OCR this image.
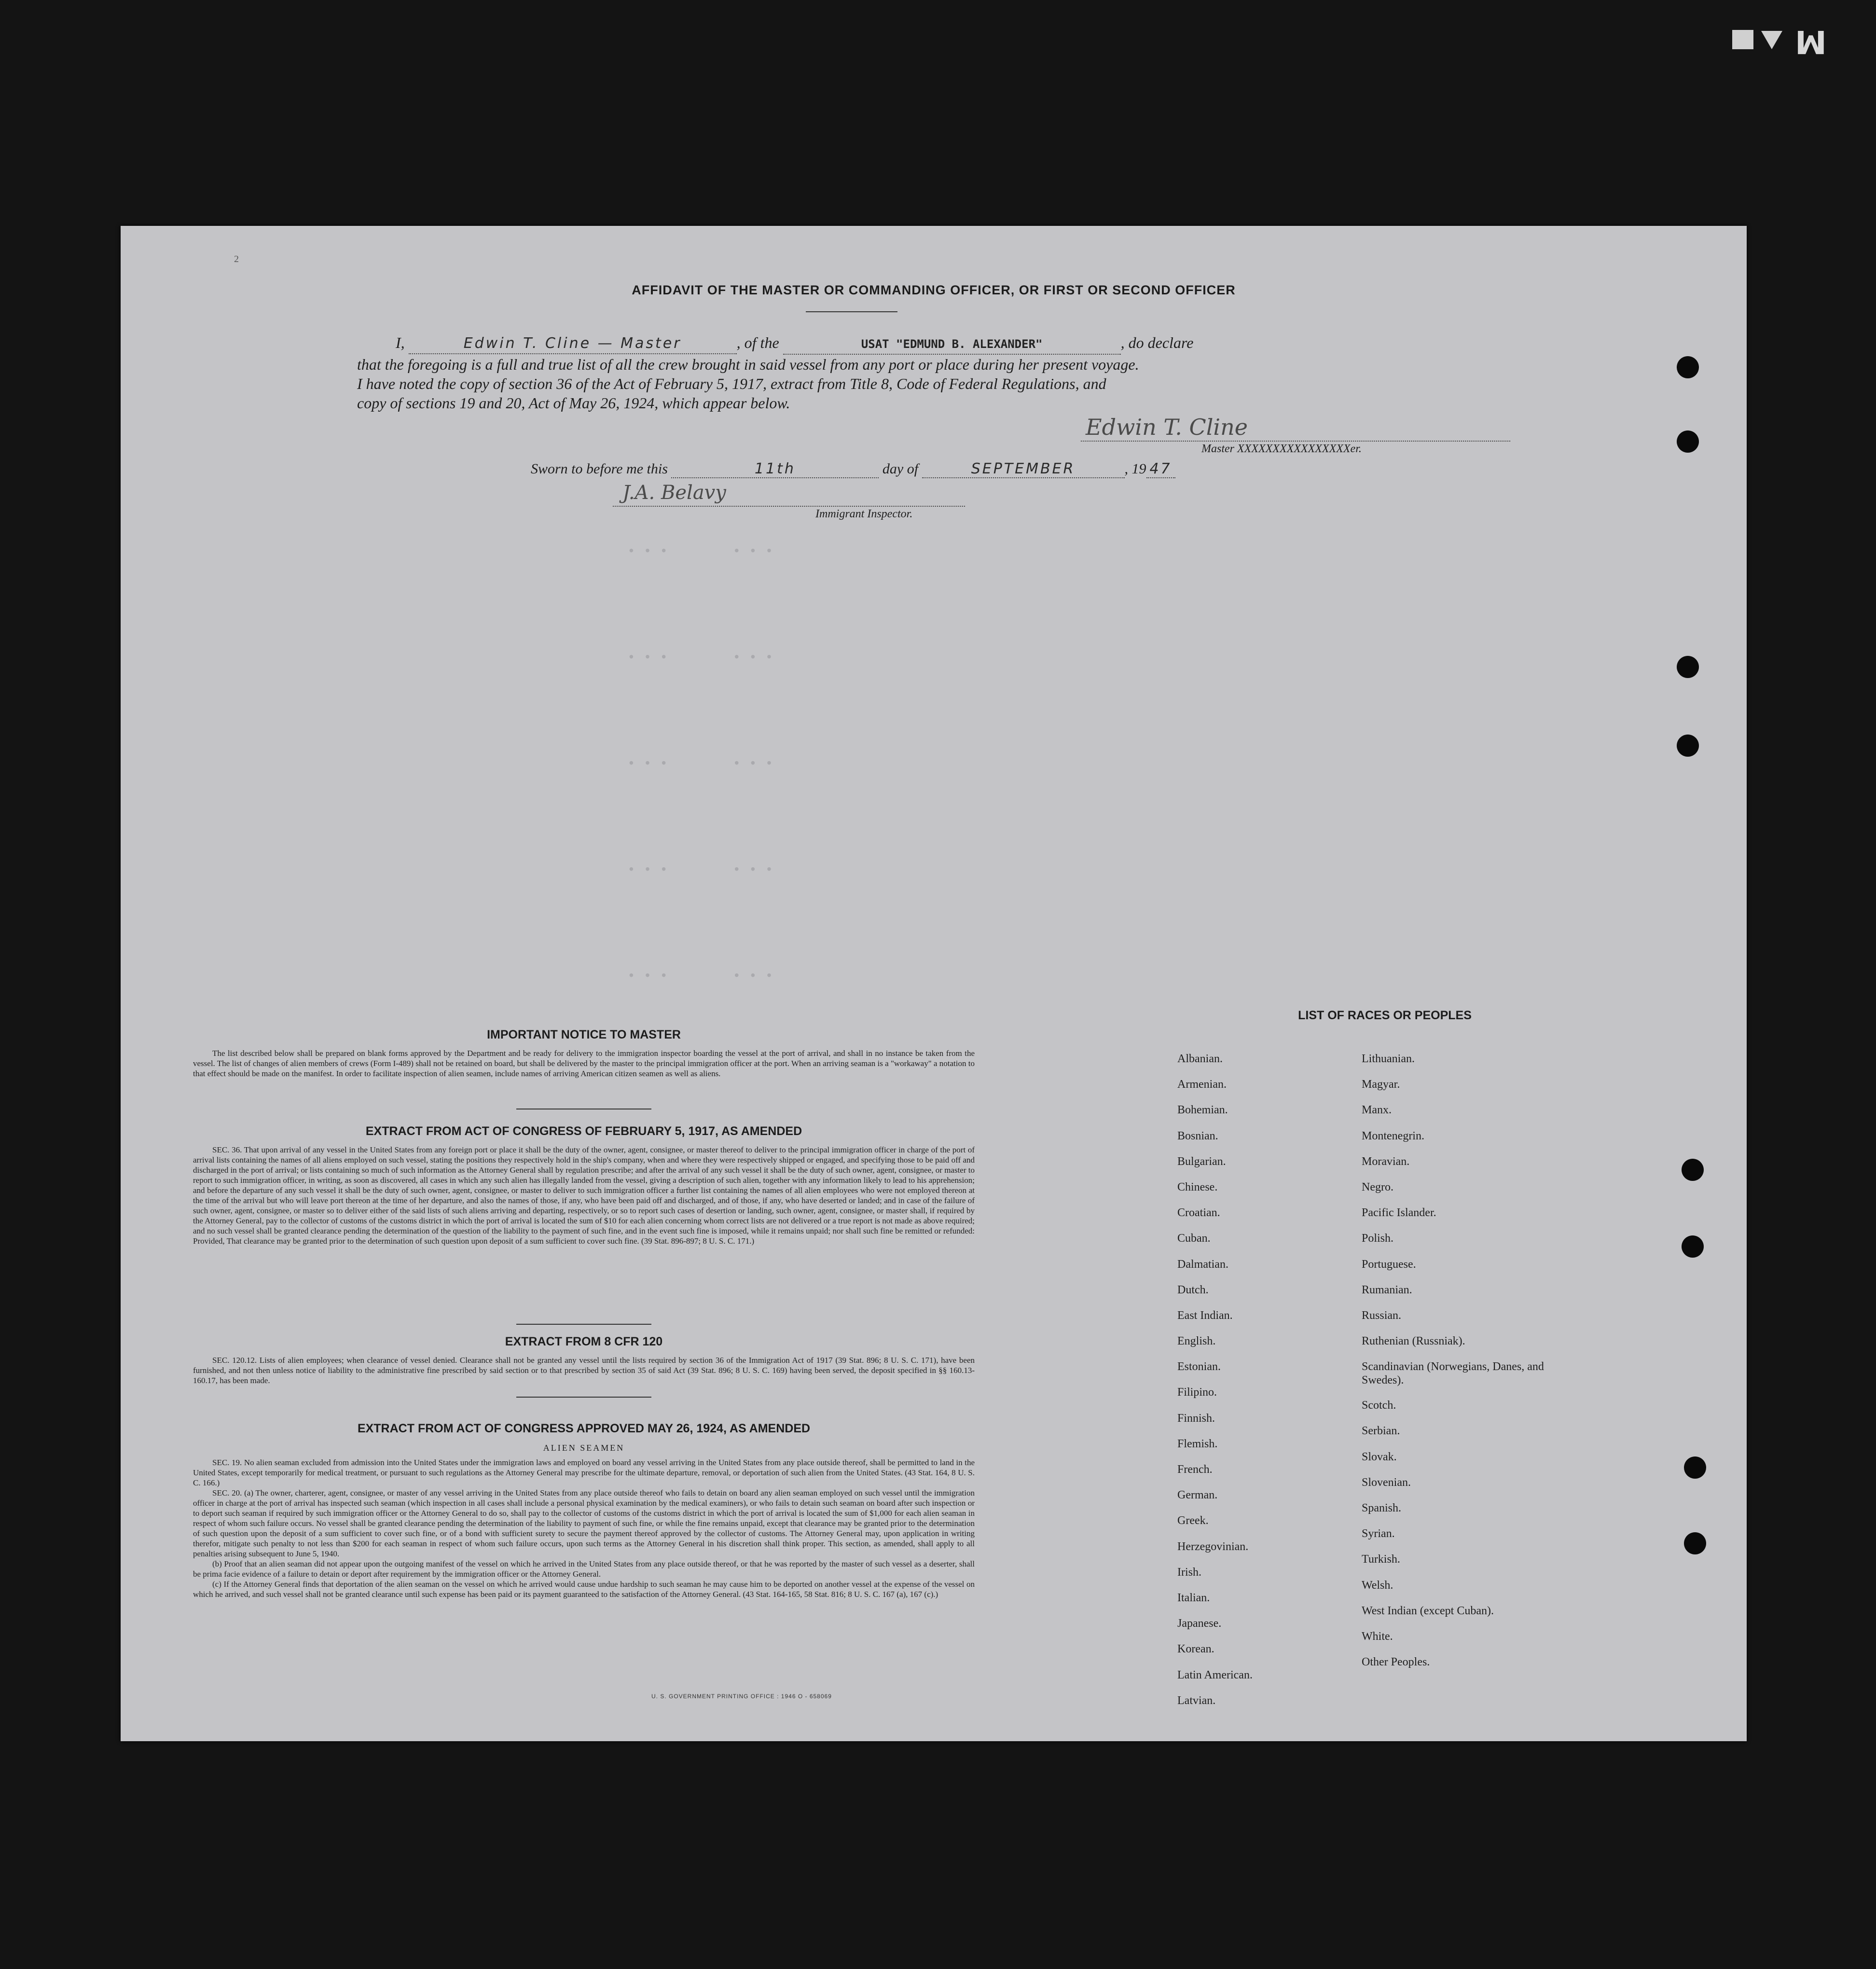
M
• • •        • • •
• • •        • • •
• • •        • • •
• • •        • • •
• • •        • • •
2
AFFIDAVIT OF THE MASTER OR COMMANDING OFFICER, OR FIRST OR SECOND OFFICER
I,	Edwin T. Cline — Master	, of the	USAT "EDMUND B. ALEXANDER"	, do declare
that the foregoing is a full and true list of all the crew brought in said vessel from any port or place during her present voyage.
I have noted the copy of section 36 of the Act of February 5, 1917, extract from Title 8, Code of Federal Regulations, and
copy of sections 19 and 20, Act of May 26, 1924, which appear below.
Edwin T. Cline
Master XXXXXXXXXXXXXXXXer.
Sworn to before me this	11th	day of	SEPTEMBER	, 19 47
J.A. Belavy
Immigrant Inspector.
IMPORTANT NOTICE TO MASTER

The list described below shall be prepared on blank forms approved by the Department and be ready for delivery to the immigration inspector boarding the vessel at the port of arrival, and shall in no instance be taken from the vessel. The list of changes of alien members of crews (Form I-489) shall not be retained on board, but shall be delivered by the master to the principal immigration officer at the port. When an arriving seaman is a "workaway" a notation to that effect should be made on the manifest. In order to facilitate inspection of alien seamen, include names of arriving American citizen seamen as well as aliens.

EXTRACT FROM ACT OF CONGRESS OF FEBRUARY 5, 1917, AS AMENDED

SEC. 36. That upon arrival of any vessel in the United States from any foreign port or place it shall be the duty of the owner, agent, consignee, or master thereof to deliver to the principal immigration officer in charge of the port of arrival lists containing the names of all aliens employed on such vessel, stating the positions they respectively hold in the ship's company, when and where they were respectively shipped or engaged, and specifying those to be paid off and discharged in the port of arrival; or lists containing so much of such information as the Attorney General shall by regulation prescribe; and after the arrival of any such vessel it shall be the duty of such owner, agent, consignee, or master to report to such immigration officer, in writing, as soon as discovered, all cases in which any such alien has illegally landed from the vessel, giving a description of such alien, together with any information likely to lead to his apprehension; and before the departure of any such vessel it shall be the duty of such owner, agent, consignee, or master to deliver to such immigration officer a further list containing the names of all alien employees who were not employed thereon at the time of the arrival but who will leave port thereon at the time of her departure, and also the names of those, if any, who have been paid off and discharged, and of those, if any, who have deserted or landed; and in case of the failure of such owner, agent, consignee, or master so to deliver either of the said lists of such aliens arriving and departing, respectively, or so to report such cases of desertion or landing, such owner, agent, consignee, or master shall, if required by the Attorney General, pay to the collector of customs of the customs district in which the port of arrival is located the sum of $10 for each alien concerning whom correct lists are not delivered or a true report is not made as above required; and no such vessel shall be granted clearance pending the determination of the question of the liability to the payment of such fine, and in the event such fine is imposed, while it remains unpaid; nor shall such fine be remitted or refunded: Provided, That clearance may be granted prior to the determination of such question upon deposit of a sum sufficient to cover such fine. (39 Stat. 896-897; 8 U. S. C. 171.)

EXTRACT FROM 8 CFR 120

SEC. 120.12. Lists of alien employees; when clearance of vessel denied. Clearance shall not be granted any vessel until the lists required by section 36 of the Immigration Act of 1917 (39 Stat. 896; 8 U. S. C. 171), have been furnished, and not then unless notice of liability to the administrative fine prescribed by said section or to that prescribed by section 35 of said Act (39 Stat. 896; 8 U. S. C. 169) having been served, the deposit specified in §§ 160.13-160.17, has been made.

EXTRACT FROM ACT OF CONGRESS APPROVED MAY 26, 1924, AS AMENDED
ALIEN SEAMEN

SEC. 19. No alien seaman excluded from admission into the United States under the immigration laws and employed on board any vessel arriving in the United States from any place outside thereof, shall be permitted to land in the United States, except temporarily for medical treatment, or pursuant to such regulations as the Attorney General may prescribe for the ultimate departure, removal, or deportation of such alien from the United States. (43 Stat. 164, 8 U. S. C. 166.)

SEC. 20. (a) The owner, charterer, agent, consignee, or master of any vessel arriving in the United States from any place outside thereof who fails to detain on board any alien seaman employed on such vessel until the immigration officer in charge at the port of arrival has inspected such seaman (which inspection in all cases shall include a personal physical examination by the medical examiners), or who fails to detain such seaman on board after such inspection or to deport such seaman if required by such immigration officer or the Attorney General to do so, shall pay to the collector of customs of the customs district in which the port of arrival is located the sum of $1,000 for each alien seaman in respect of whom such failure occurs. No vessel shall be granted clearance pending the determination of the liability to payment of such fine, or while the fine remains unpaid, except that clearance may be granted prior to the determination of such question upon the deposit of a sum sufficient to cover such fine, or of a bond with sufficient surety to secure the payment thereof approved by the collector of customs. The Attorney General may, upon application in writing therefor, mitigate such penalty to not less than $200 for each seaman in respect of whom such failure occurs, upon such terms as the Attorney General in his discretion shall think proper. This section, as amended, shall apply to all penalties arising subsequent to June 5, 1940.

(b) Proof that an alien seaman did not appear upon the outgoing manifest of the vessel on which he arrived in the United States from any place outside thereof, or that he was reported by the master of such vessel as a deserter, shall be prima facie evidence of a failure to detain or deport after requirement by the immigration officer or the Attorney General.

(c) If the Attorney General finds that deportation of the alien seaman on the vessel on which he arrived would cause undue hardship to such seaman he may cause him to be deported on another vessel at the expense of the vessel on which he arrived, and such vessel shall not be granted clearance until such expense has been paid or its payment guaranteed to the satisfaction of the Attorney General. (43 Stat. 164-165, 58 Stat. 816; 8 U. S. C. 167 (a), 167 (c).)

U. S. GOVERNMENT PRINTING OFFICE : 1946 O - 658069
LIST OF RACES OR PEOPLES
Albanian.
Armenian.
Bohemian.
Bosnian.
Bulgarian.
Chinese.
Croatian.
Cuban.
Dalmatian.
Dutch.
East Indian.
English.
Estonian.
Filipino.
Finnish.
Flemish.
French.
German.
Greek.
Herzegovinian.
Irish.
Italian.
Japanese.
Korean.
Latin American.
Latvian.
Lithuanian.
Magyar.
Manx.
Montenegrin.
Moravian.
Negro.
Pacific Islander.
Polish.
Portuguese.
Rumanian.
Russian.
Ruthenian (Russniak).
Scandinavian (Norwegians, Danes, and Swedes).
Scotch.
Serbian.
Slovak.
Slovenian.
Spanish.
Syrian.
Turkish.
Welsh.
West Indian (except Cuban).
White.
Other Peoples.
